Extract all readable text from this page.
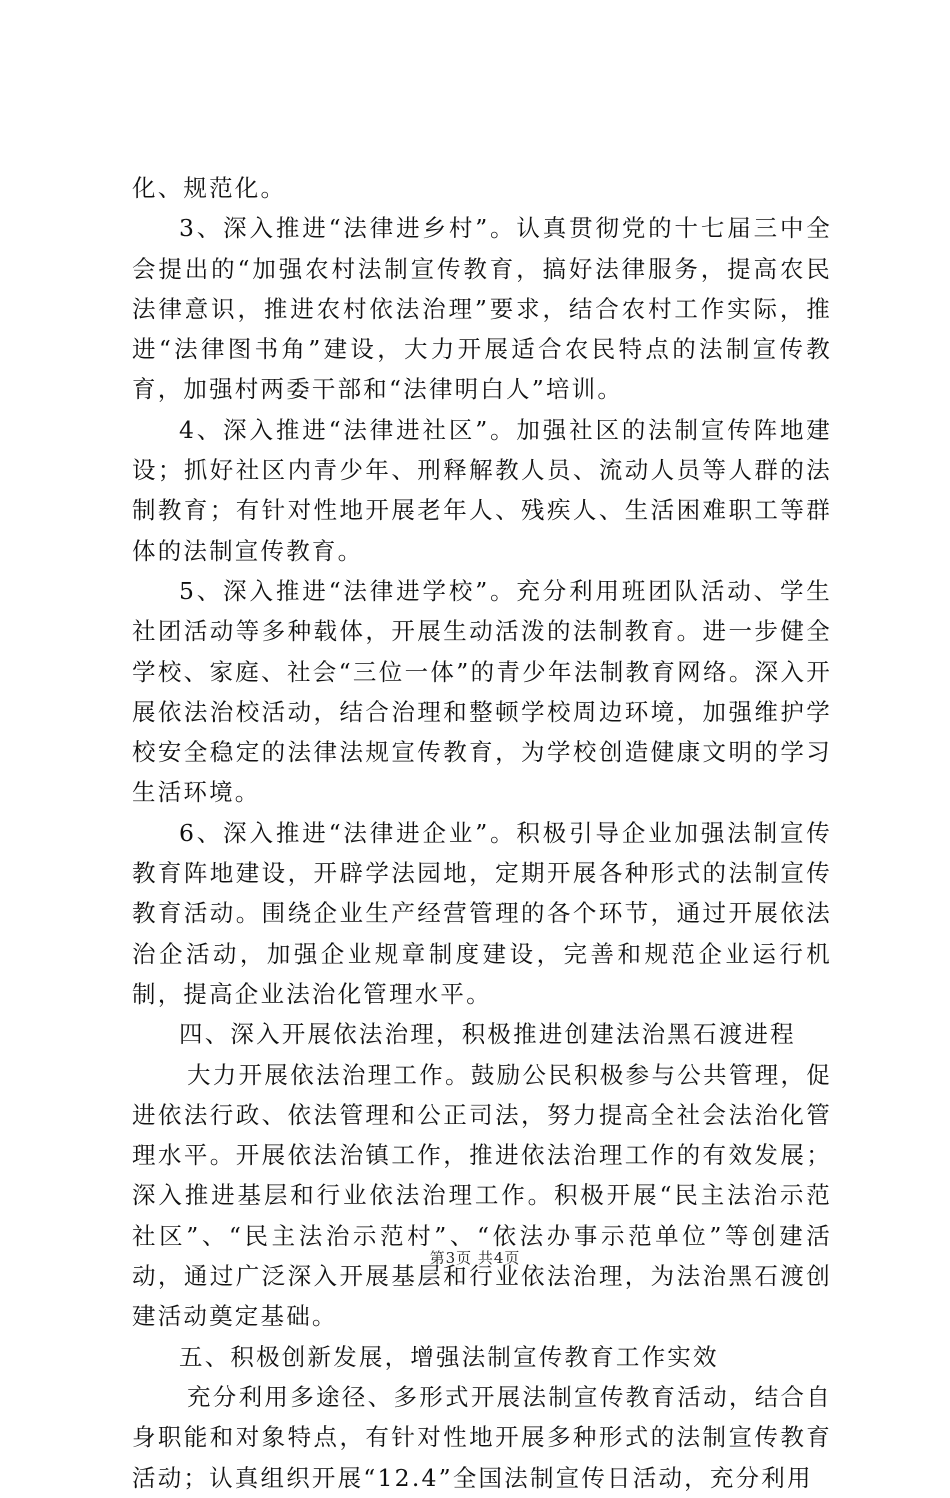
化、规范化。

3、深入推进“法律进乡村”。认真贯彻党的十七届三中全会提出的“加强农村法制宣传教育，搞好法律服务，提高农民法律意识，推进农村依法治理”要求，结合农村工作实际，推进“法律图书角”建设，大力开展适合农民特点的法制宣传教育，加强村两委干部和“法律明白人”培训。

4、深入推进“法律进社区”。加强社区的法制宣传阵地建设；抓好社区内青少年、刑释解教人员、流动人员等人群的法制教育；有针对性地开展老年人、残疾人、生活困难职工等群体的法制宣传教育。

5、深入推进“法律进学校”。充分利用班团队活动、学生社团活动等多种载体，开展生动活泼的法制教育。进一步健全学校、家庭、社会“三位一体”的青少年法制教育网络。深入开展依法治校活动，结合治理和整顿学校周边环境，加强维护学校安全稳定的法律法规宣传教育，为学校创造健康文明的学习生活环境。

6、深入推进“法律进企业”。积极引导企业加强法制宣传教育阵地建设，开辟学法园地，定期开展各种形式的法制宣传教育活动。围绕企业生产经营管理的各个环节，通过开展依法治企活动，加强企业规章制度建设，完善和规范企业运行机制，提高企业法治化管理水平。

四、深入开展依法治理，积极推进创建法治黑石渡进程

大力开展依法治理工作。鼓励公民积极参与公共管理，促进依法行政、依法管理和公正司法，努力提高全社会法治化管理水平。开展依法治镇工作，推进依法治理工作的有效发展；深入推进基层和行业依法治理工作。积极开展“民主法治示范社区”、“民主法治示范村”、“依法办事示范单位”等创建活动，通过广泛深入开展基层和行业依法治理，为法治黑石渡创建活动奠定基础。

五、积极创新发展，增强法制宣传教育工作实效

充分利用多途径、多形式开展法制宣传教育活动，结合自身职能和对象特点，有针对性地开展多种形式的法制宣传教育活动；认真组织开展“12.4”全国法制宣传日活动，充分利用

第3页 共4页
